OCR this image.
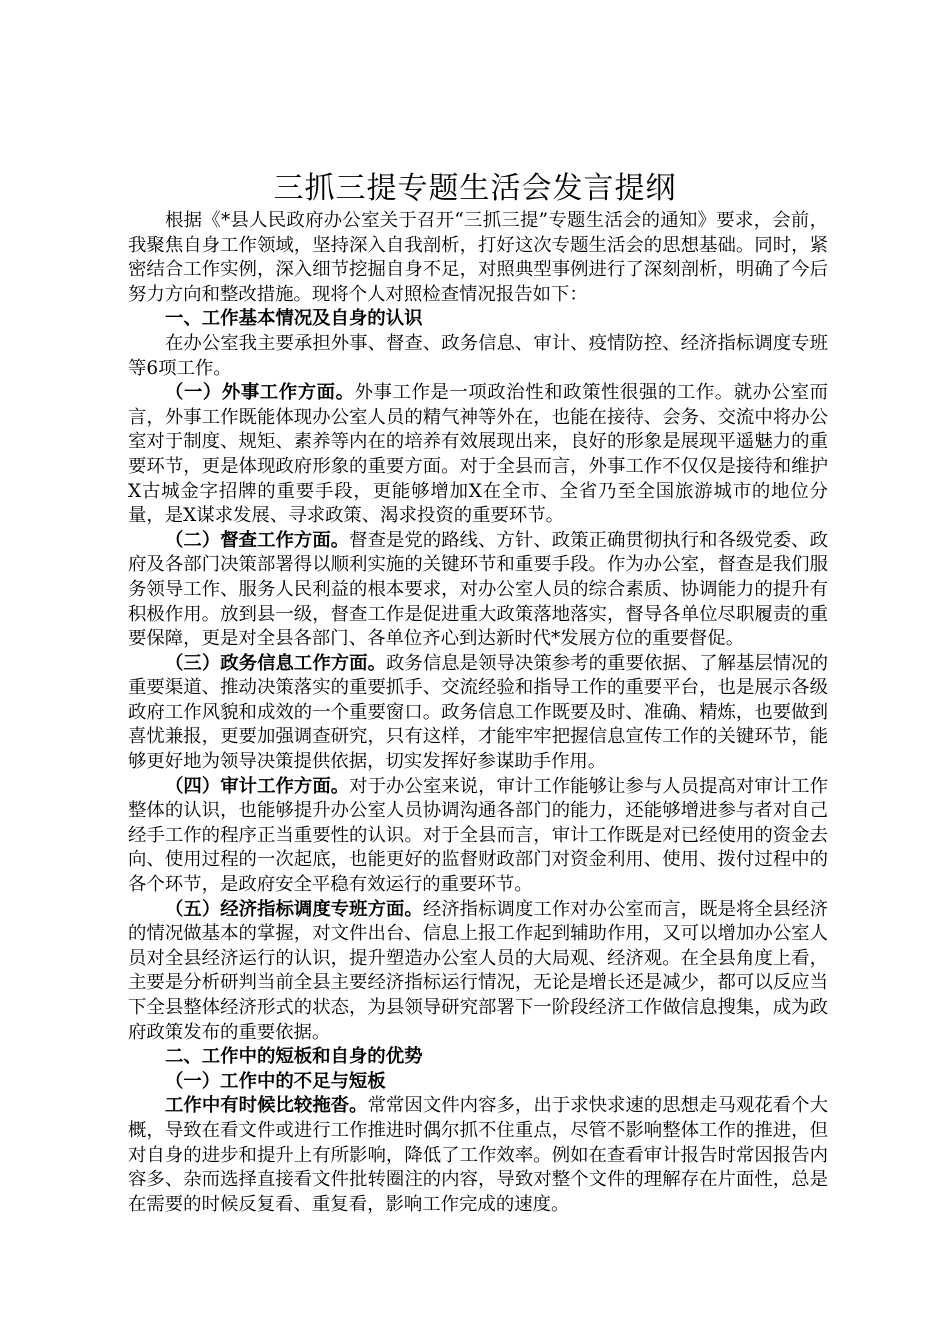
三抓三提专题生活会发言提纲

根据《*县人民政府办公室关于召开“三抓三提”专题生活会的通知》要求，会前，我聚焦自身工作领域，坚持深入自我剖析，打好这次专题生活会的思想基础。同时，紧密结合工作实例，深入细节挖掘自身不足，对照典型事例进行了深刻剖析，明确了今后努力方向和整改措施。现将个人对照检查情况报告如下：

一、工作基本情况及自身的认识

在办公室我主要承担外事、督查、政务信息、审计、疫情防控、经济指标调度专班等6项工作。

（一）外事工作方面。外事工作是一项政治性和政策性很强的工作。就办公室而言，外事工作既能体现办公室人员的精气神等外在，也能在接待、会务、交流中将办公室对于制度、规矩、素养等内在的培养有效展现出来，良好的形象是展现平遥魅力的重要环节，更是体现政府形象的重要方面。对于全县而言，外事工作不仅仅是接待和维护X古城金字招牌的重要手段，更能够增加X在全市、全省乃至全国旅游城市的地位分量，是X谋求发展、寻求政策、渴求投资的重要环节。

（二）督查工作方面。督查是党的路线、方针、政策正确贯彻执行和各级党委、政府及各部门决策部署得以顺利实施的关键环节和重要手段。作为办公室，督查是我们服务领导工作、服务人民利益的根本要求，对办公室人员的综合素质、协调能力的提升有积极作用。放到县一级，督查工作是促进重大政策落地落实，督导各单位尽职履责的重要保障，更是对全县各部门、各单位齐心到达新时代*发展方位的重要督促。

（三）政务信息工作方面。政务信息是领导决策参考的重要依据、了解基层情况的重要渠道、推动决策落实的重要抓手、交流经验和指导工作的重要平台，也是展示各级政府工作风貌和成效的一个重要窗口。政务信息工作既要及时、准确、精炼，也要做到喜忧兼报，更要加强调查研究，只有这样，才能牢牢把握信息宣传工作的关键环节，能够更好地为领导决策提供依据，切实发挥好参谋助手作用。

（四）审计工作方面。对于办公室来说，审计工作能够让参与人员提高对审计工作整体的认识，也能够提升办公室人员协调沟通各部门的能力，还能够增进参与者对自己经手工作的程序正当重要性的认识。对于全县而言，审计工作既是对已经使用的资金去向、使用过程的一次起底，也能更好的监督财政部门对资金利用、使用、拨付过程中的各个环节，是政府安全平稳有效运行的重要环节。

（五）经济指标调度专班方面。经济指标调度工作对办公室而言，既是将全县经济的情况做基本的掌握，对文件出台、信息上报工作起到辅助作用，又可以增加办公室人员对全县经济运行的认识，提升塑造办公室人员的大局观、经济观。在全县角度上看，主要是分析研判当前全县主要经济指标运行情况，无论是增长还是减少，都可以反应当下全县整体经济形式的状态，为县领导研究部署下一阶段经济工作做信息搜集，成为政府政策发布的重要依据。

二、工作中的短板和自身的优势

（一）工作中的不足与短板

工作中有时候比较拖沓。常常因文件内容多，出于求快求速的思想走马观花看个大概，导致在看文件或进行工作推进时偶尔抓不住重点，尽管不影响整体工作的推进，但对自身的进步和提升上有所影响，降低了工作效率。例如在查看审计报告时常因报告内容多、杂而选择直接看文件批转圈注的内容，导致对整个文件的理解存在片面性，总是在需要的时候反复看、重复看，影响工作完成的速度。
